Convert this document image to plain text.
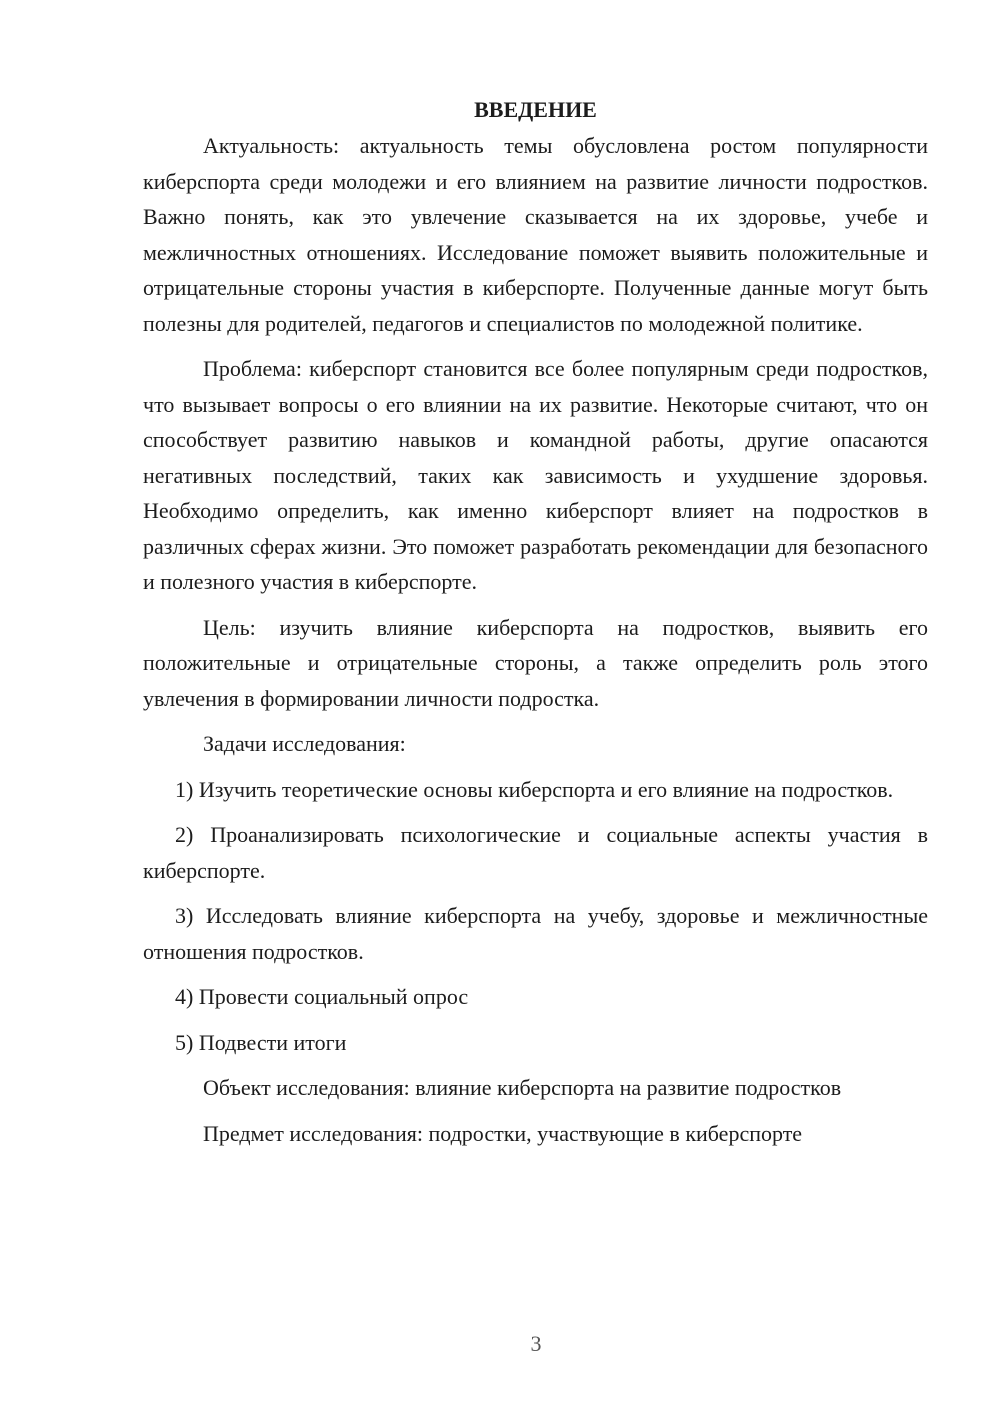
ВВЕДЕНИЕ

Актуальность: актуальность темы обусловлена ростом популярности киберспорта среди молодежи и его влиянием на развитие личности подростков. Важно понять, как это увлечение сказывается на их здоровье, учебе и межличностных отношениях. Исследование поможет выявить положительные и отрицательные стороны участия в киберспорте. Полученные данные могут быть полезны для родителей, педагогов и специалистов по молодежной политике.

Проблема: киберспорт становится все более популярным среди подростков, что вызывает вопросы о его влиянии на их развитие. Некоторые считают, что он способствует развитию навыков и командной работы, другие опасаются негативных последствий, таких как зависимость и ухудшение здоровья. Необходимо определить, как именно киберспорт влияет на подростков в различных сферах жизни. Это поможет разработать рекомендации для безопасного и полезного участия в киберспорте.

Цель: изучить влияние киберспорта на подростков, выявить его положительные и отрицательные стороны, а также определить роль этого увлечения в формировании личности подростка.

Задачи исследования:

1) Изучить теоретические основы киберспорта и его влияние на подростков.

2) Проанализировать психологические и социальные аспекты участия в киберспорте.

3) Исследовать влияние киберспорта на учебу, здоровье и межличностные отношения подростков.

4) Провести социальный опрос

5) Подвести итоги

Объект исследования: влияние киберспорта на развитие подростков

Предмет исследования: подростки, участвующие в киберспорте

3
